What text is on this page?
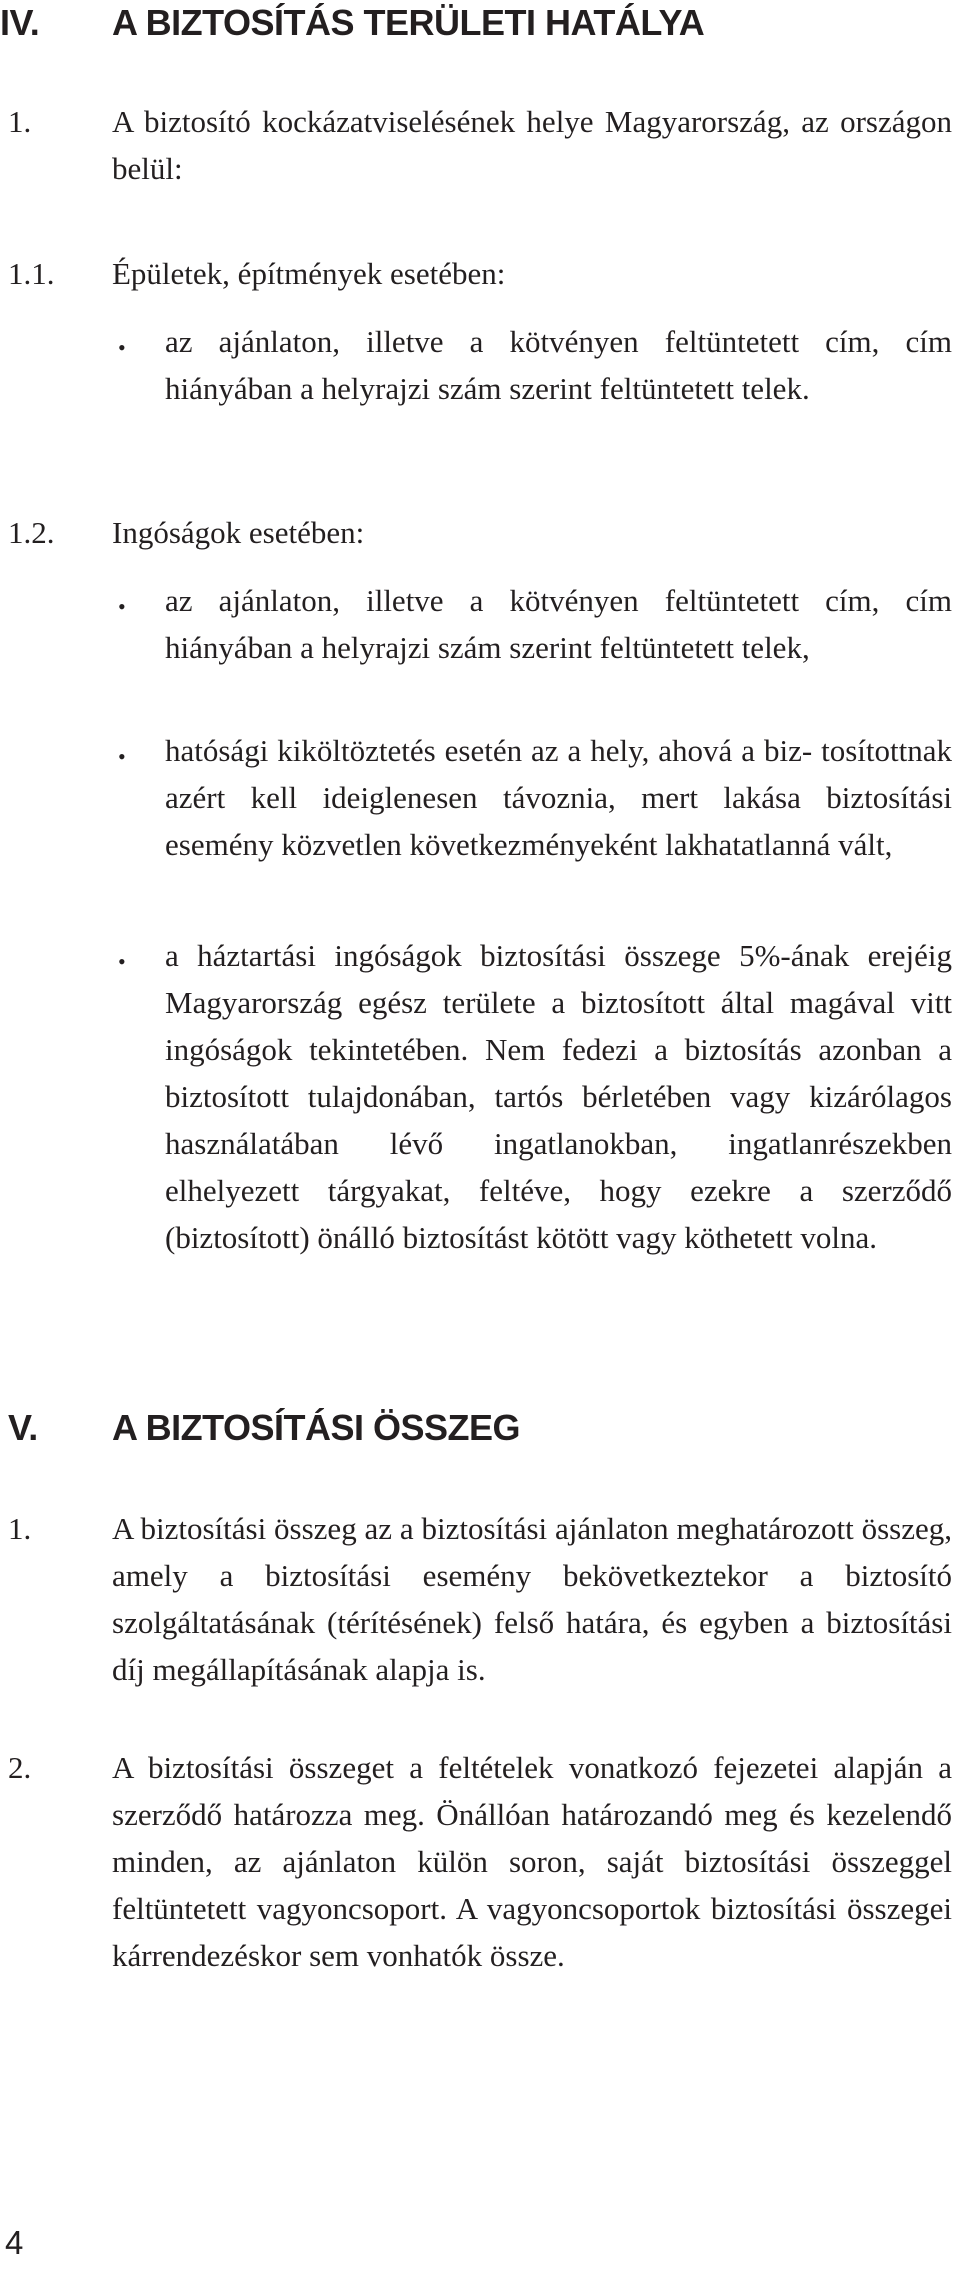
IV. A BIZTOSÍTÁS TERÜLETI HATÁLYA
1.	A biztosító kockázatviselésének helye Magyarország, az országon belül:
1.1. Épületek, építmények esetében:
• az ajánlaton, illetve a kötvényen feltüntetett cím, cím hiányában a helyrajzi szám szerint feltüntetett telek.
1.2. Ingóságok esetében:
• az ajánlaton, illetve a kötvényen feltüntetett cím, cím hiányában a helyrajzi szám szerint feltüntetett telek,
• hatósági kiköltöztetés esetén az a hely, ahová a biz- tosítottnak azért kell ideiglenesen távoznia, mert lakása biztosítási esemény közvetlen következményeként lakhatatlanná vált,
• a háztartási ingóságok biztosítási összege 5%-ának erejéig Magyarország egész területe a biztosított által magával vitt ingóságok tekintetében. Nem fedezi a biztosítás azonban a biztosított tulajdonában, tartós bérletében vagy kizárólagos használatában lévő ingatlanokban, ingatlanrészekben elhelyezett tárgyakat, feltéve, hogy ezekre a szerződő (biztosított) önálló biztosítást kötött vagy köthetett volna.
V. A BIZTOSÍTÁSI ÖSSZEG
1.	A biztosítási összeg az a biztosítási ajánlaton meghatározott összeg, amely a biztosítási esemény bekövetkeztekor a biztosító szolgáltatásának (térítésének) felső határa, és egyben a biztosítási díj megállapításának alapja is.
2.	A biztosítási összeget a feltételek vonatkozó fejezetei alapján a szerződő határozza meg. Önállóan határozandó meg és kezelendő minden, az ajánlaton külön soron, saját biztosítási összeggel feltüntetett vagyoncsoport. A vagyoncsoportok biztosítási összegei kárrendezéskor sem vonhatók össze.
4
